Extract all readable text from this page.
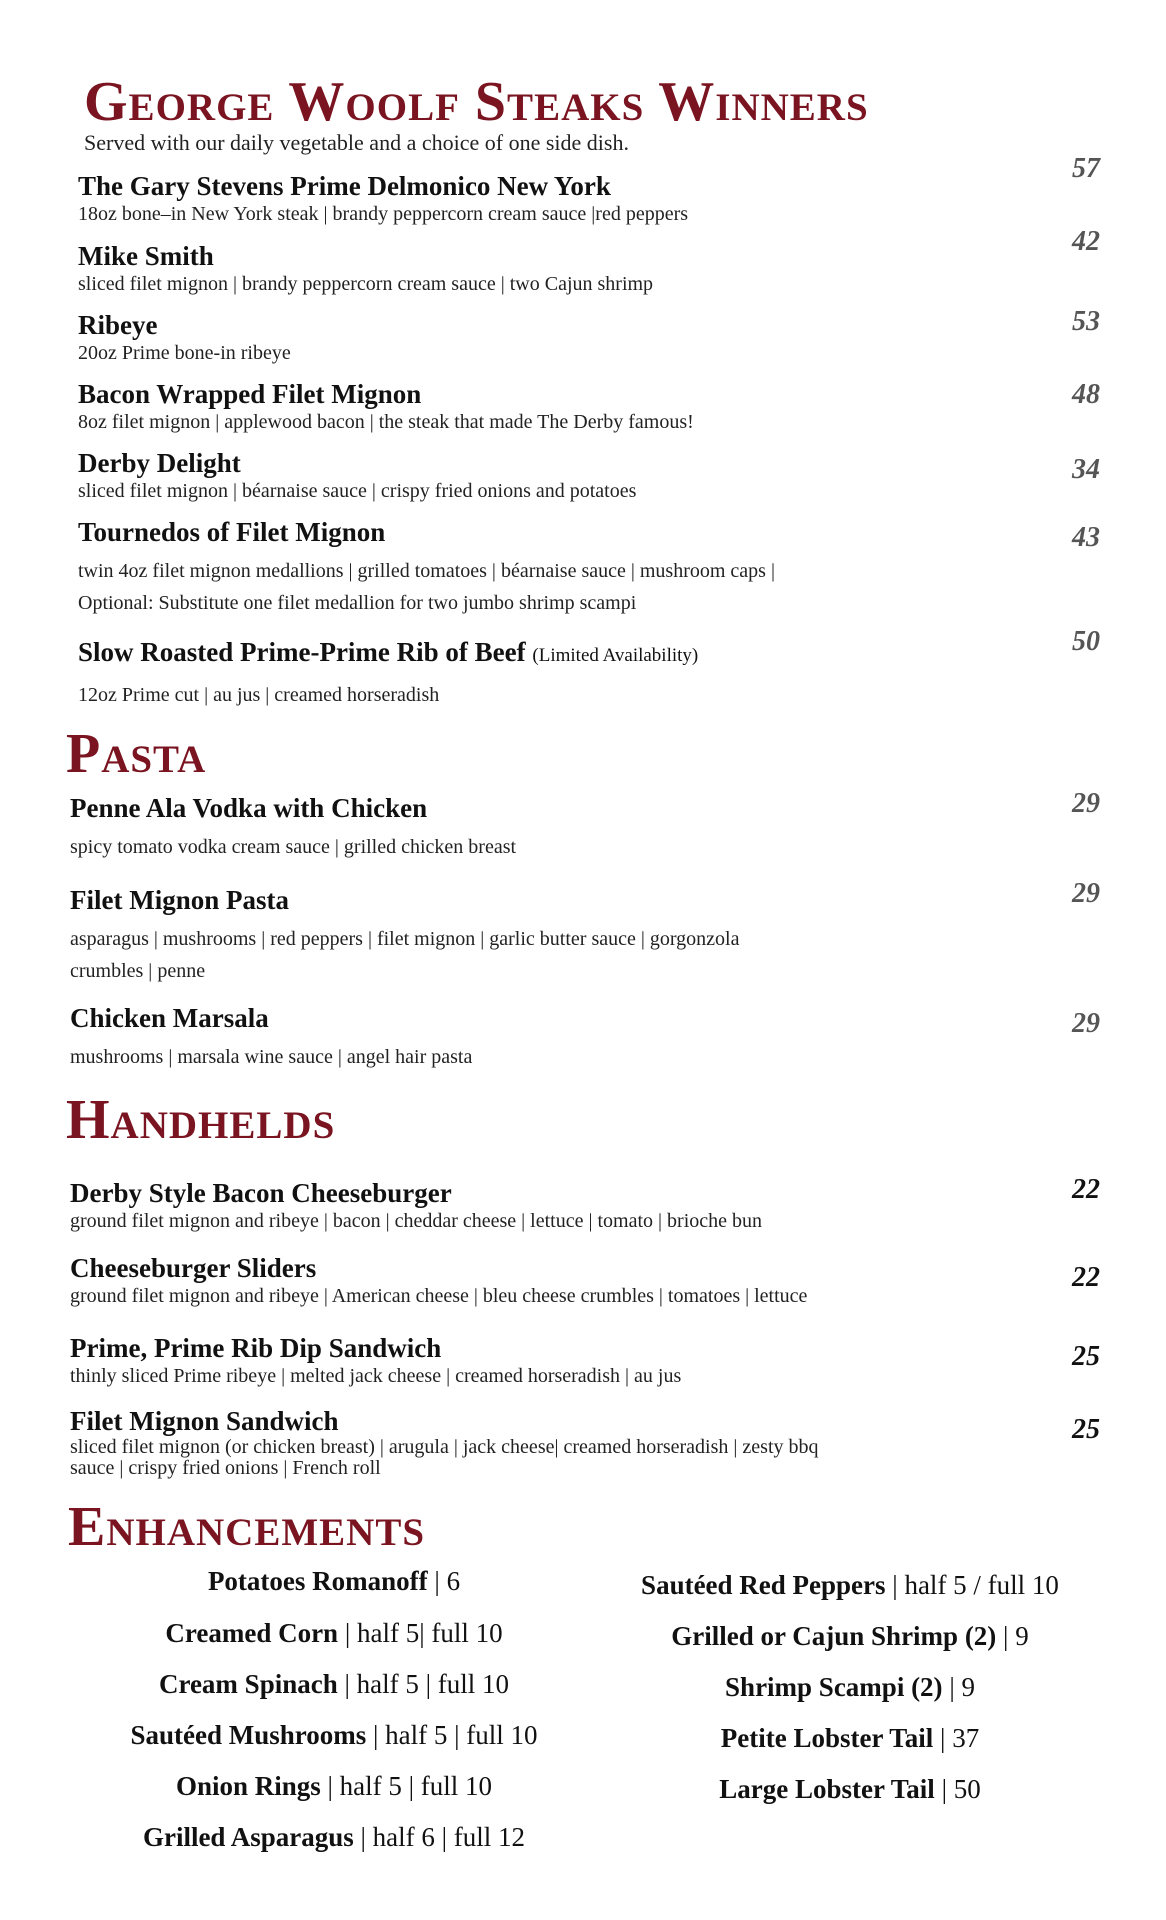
George Woolf Steaks Winners
Served with our daily vegetable and a choice of one side dish.
The Gary Stevens Prime Delmonico New York
18oz bone–in New York steak | brandy peppercorn cream sauce |red peppers
57
Mike Smith
sliced filet mignon | brandy peppercorn cream sauce | two Cajun shrimp
42
Ribeye
20oz Prime bone-in ribeye
53
Bacon Wrapped Filet Mignon
8oz filet mignon | applewood bacon | the steak that made The Derby famous!
48
Derby Delight
sliced filet mignon | béarnaise sauce | crispy fried onions and potatoes
34
Tournedos of Filet Mignon
twin 4oz filet mignon medallions | grilled tomatoes | béarnaise sauce | mushroom caps |
Optional: Substitute one filet medallion for two jumbo shrimp scampi
43
Slow Roasted Prime-Prime Rib of Beef (Limited Availability)
12oz Prime cut | au jus | creamed horseradish
50
Pasta
Penne Ala Vodka with Chicken
spicy tomato vodka cream sauce | grilled chicken breast
29
Filet Mignon Pasta
asparagus | mushrooms | red peppers | filet mignon | garlic butter sauce | gorgonzola
crumbles | penne
29
Chicken Marsala
mushrooms | marsala wine sauce | angel hair pasta
29
Handhelds
Derby Style Bacon Cheeseburger
ground filet mignon and ribeye | bacon | cheddar cheese | lettuce | tomato | brioche bun
22
Cheeseburger Sliders
ground filet mignon and ribeye | American cheese | bleu cheese crumbles | tomatoes | lettuce
22
Prime, Prime Rib Dip Sandwich
thinly sliced Prime ribeye | melted jack cheese | creamed horseradish | au jus
25
Filet Mignon Sandwich
sliced filet mignon (or chicken breast) | arugula | jack cheese| creamed horseradish | zesty bbq
sauce | crispy fried onions | French roll
25
Enhancements
Potatoes Romanoff | 6
Creamed Corn | half 5| full 10
Cream Spinach | half 5 | full 10
Sautéed Mushrooms | half 5 | full 10
Onion Rings | half 5 | full 10
Grilled Asparagus | half 6 | full 12
Sautéed Red Peppers | half 5 / full 10
Grilled or Cajun Shrimp (2) | 9
Shrimp Scampi (2) | 9
Petite Lobster Tail | 37
Large Lobster Tail | 50
